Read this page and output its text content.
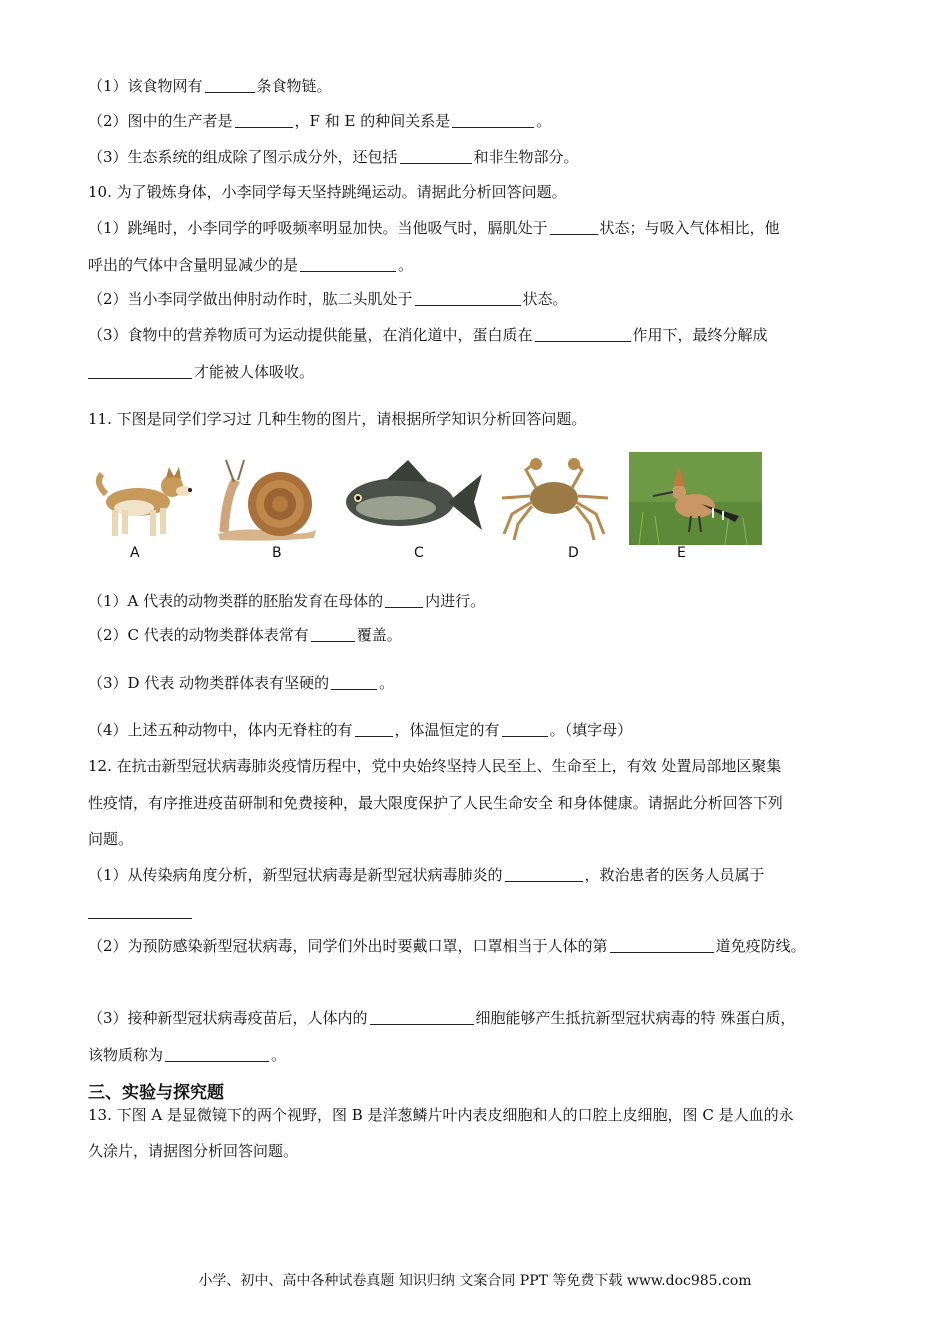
（1）该食物网有	条食物链。
（2）图中的生产者是	，F 和 E 的种间关系是	。
（3）生态系统的组成除了图示成分外，还包括	和非生物部分。
10. 为了锻炼身体，小李同学每天坚持跳绳运动。请据此分析回答问题。
（1）跳绳时，小李同学的呼吸频率明显加快。当他吸气时，膈肌处于	状态；与吸入气体相比，他
呼出的气体中含量明显减少的是	。
（2）当小李同学做出伸肘动作时，肱二头肌处于	状态。
（3）食物中的营养物质可为运动提供能量，在消化道中，蛋白质在	作用下，最终分解成
才能被人体吸收。
11. 下图是同学们学习过 几种生物的图片，请根据所学知识分析回答问题。
A	B	C	D	E
（1）A 代表的动物类群的胚胎发育在母体的	内进行。
（2）C 代表的动物类群体表常有	覆盖。
（3）D 代表 动物类群体表有坚硬的	。
（4）上述五种动物中，体内无脊柱的有	，体温恒定的有	。（填字母）
12. 在抗击新型冠状病毒肺炎疫情历程中，党中央始终坚持人民至上、生命至上，有效 处置局部地区聚集
性疫情，有序推进疫苗研制和免费接种，最大限度保护了人民生命安全 和身体健康。请据此分析回答下列
问题。
（1）从传染病角度分析，新型冠状病毒是新型冠状病毒肺炎的	，救治患者的医务人员属于
（2）为预防感染新型冠状病毒，同学们外出时要戴口罩，口罩相当于人体的第	道免疫防线。
（3）接种新型冠状病毒疫苗后，人体内的	细胞能够产生抵抗新型冠状病毒的特 殊蛋白质，
该物质称为	。
三、实验与探究题
13. 下图 A 是显微镜下的两个视野，图 B 是洋葱鳞片叶内表皮细胞和人的口腔上皮细胞，图 C 是人血的永
久涂片，请据图分析回答问题。
小学、初中、高中各种试卷真题 知识归纳 文案合同 PPT 等免费下载 www.doc985.com
